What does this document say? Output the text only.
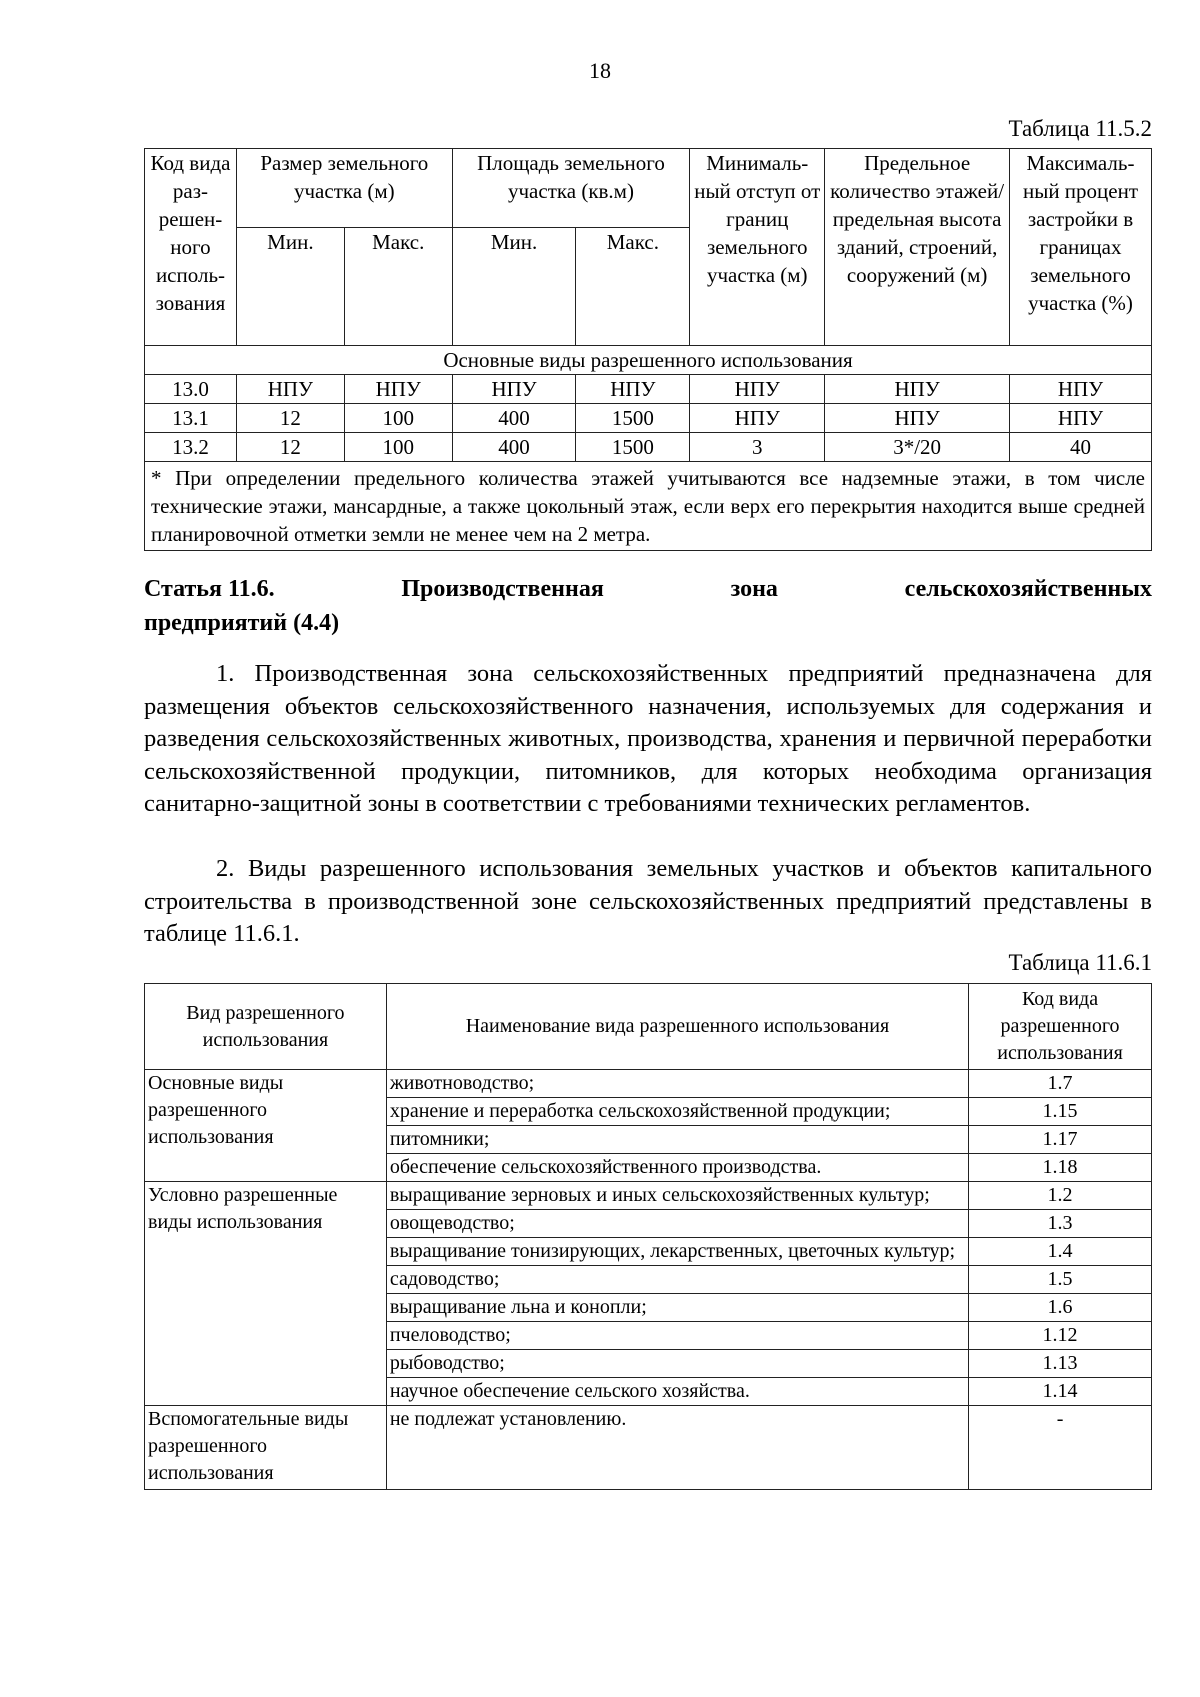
18
Таблица 11.5.2
Код вида раз- решен- ного исполь- зования	Размер земельного участка (м)		Площадь земельного участка (кв.м)		Минималь- ный отступ от границ земельного участка (м)	Предельное количество этажей/ предельная высота зданий, строений, сооружений (м)	Максималь- ный процент застройки в границах земельного участка (%)
	Мин.	Макс.	Мин.	Макс.			
Основные виды разрешенного использования							
13.0	НПУ	НПУ	НПУ	НПУ	НПУ	НПУ	НПУ
13.1	12	100	400	1500	НПУ	НПУ	НПУ
13.2	12	100	400	1500	3	3*/20	40
* При определении предельного количества этажей учитываются все надземные этажи, в том числе технические этажи, мансардные, а также цокольный этаж, если верх его перекрытия находится выше средней планировочной отметки земли не менее чем на 2 метра.							
Статья 11.6.	Производственная	зона	сельскохозяйственных
предприятий (4.4)

1. Производственная зона сельскохозяйственных предприятий предназначена для размещения объектов сельскохозяйственного назначения, используемых для содержания и разведения сельскохозяйственных животных, производства, хранения и первичной переработки сельскохозяйственной продукции, питомников, для которых необходима организация санитарно-защитной зоны в соответствии с требованиями технических регламентов.

2. Виды разрешенного использования земельных участков и объектов капитального строительства в производственной зоне сельскохозяйственных предприятий представлены в таблице 11.6.1.

Таблица 11.6.1
Вид разрешенного использования	Наименование вида разрешенного использования	Код вида разрешенного использования
Основные виды разрешенного использования	животноводство;	1.7
	хранение и переработка сельскохозяйственной продукции;	1.15
	питомники;	1.17
	обеспечение сельскохозяйственного производства.	1.18
Условно разрешенные виды использования	выращивание зерновых и иных сельскохозяйственных культур;	1.2
	овощеводство;	1.3
	выращивание тонизирующих, лекарственных, цветочных культур;	1.4
	садоводство;	1.5
	выращивание льна и конопли;	1.6
	пчеловодство;	1.12
	рыбоводство;	1.13
	научное обеспечение сельского хозяйства.	1.14
Вспомогательные виды разрешенного использования	не подлежат установлению.	-
